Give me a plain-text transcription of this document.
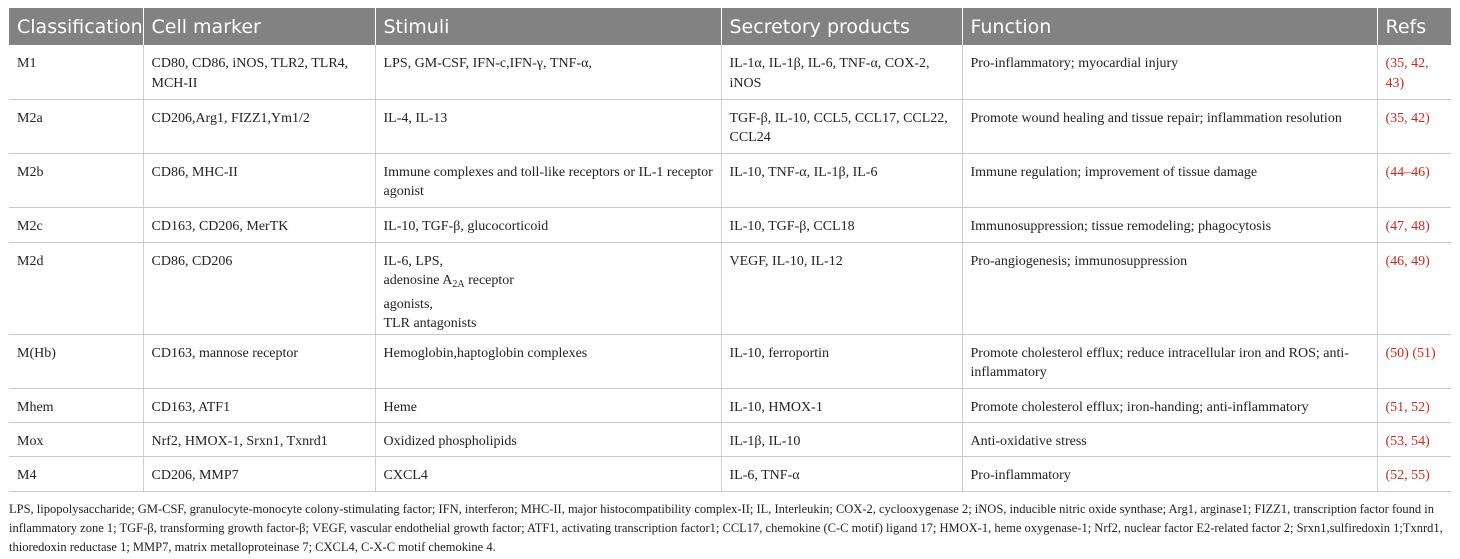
Classification	Cell marker	Stimuli	Secretory products	Function	Refs
M1	CD80, CD86, iNOS, TLR2, TLR4, MCH-II	LPS, GM-CSF, IFN-c,IFN-γ, TNF-α,	IL-1α, IL-1β, IL-6, TNF-α, COX-2, iNOS	Pro-inflammatory; myocardial injury	(35, 42, 43)
M2a	CD206,Arg1, FIZZ1,Ym1/2	IL-4, IL-13	TGF-β, IL-10, CCL5, CCL17, CCL22, CCL24	Promote wound healing and tissue repair; inflammation resolution	(35, 42)
M2b	CD86, MHC-II	Immune complexes and toll-like receptors or IL-1 receptor agonist	IL-10, TNF-α, IL-1β, IL-6	Immune regulation; improvement of tissue damage	(44–46)
M2c	CD163, CD206, MerTK	IL-10, TGF-β, glucocorticoid	IL-10, TGF-β, CCL18	Immunosuppression; tissue remodeling; phagocytosis	(47, 48)
M2d	CD86, CD206	IL-6, LPS,
adenosine $A_{2A}$ receptor
agonists,
TLR antagonists	VEGF, IL-10, IL-12	Pro-angiogenesis; immunosuppression	(46, 49)
M(Hb)	CD163, mannose receptor	Hemoglobin,haptoglobin complexes	IL-10, ferroportin	Promote cholesterol efflux; reduce intracellular iron and ROS; anti-inflammatory	(50) (51)
Mhem	CD163, ATF1	Heme	IL-10, HMOX-1	Promote cholesterol efflux; iron-handing; anti-inflammatory	(51, 52)
Mox	Nrf2, HMOX-1, Srxn1, Txnrd1	Oxidized phospholipids	IL-1β, IL-10	Anti-oxidative stress	(53, 54)
M4	CD206, MMP7	CXCL4	IL-6, TNF-α	Pro-inflammatory	(52, 55)
LPS, lipopolysaccharide; GM-CSF, granulocyte-monocyte colony-stimulating factor; IFN, interferon; MHC-II, major histocompatibility complex-II; IL, Interleukin; COX-2, cyclooxygenase 2; iNOS, inducible nitric oxide synthase; Arg1, arginase1; FIZZ1, transcription factor found in inflammatory zone 1; TGF-β, transforming growth factor-β; VEGF, vascular endothelial growth factor; ATF1, activating transcription factor1; CCL17, chemokine (C-C motif) ligand 17; HMOX-1, heme oxygenase-1; Nrf2, nuclear factor E2-related factor 2; Srxn1,sulfiredoxin 1;Txnrd1, thioredoxin reductase 1; MMP7, matrix metalloproteinase 7; CXCL4, C-X-C motif chemokine 4.
